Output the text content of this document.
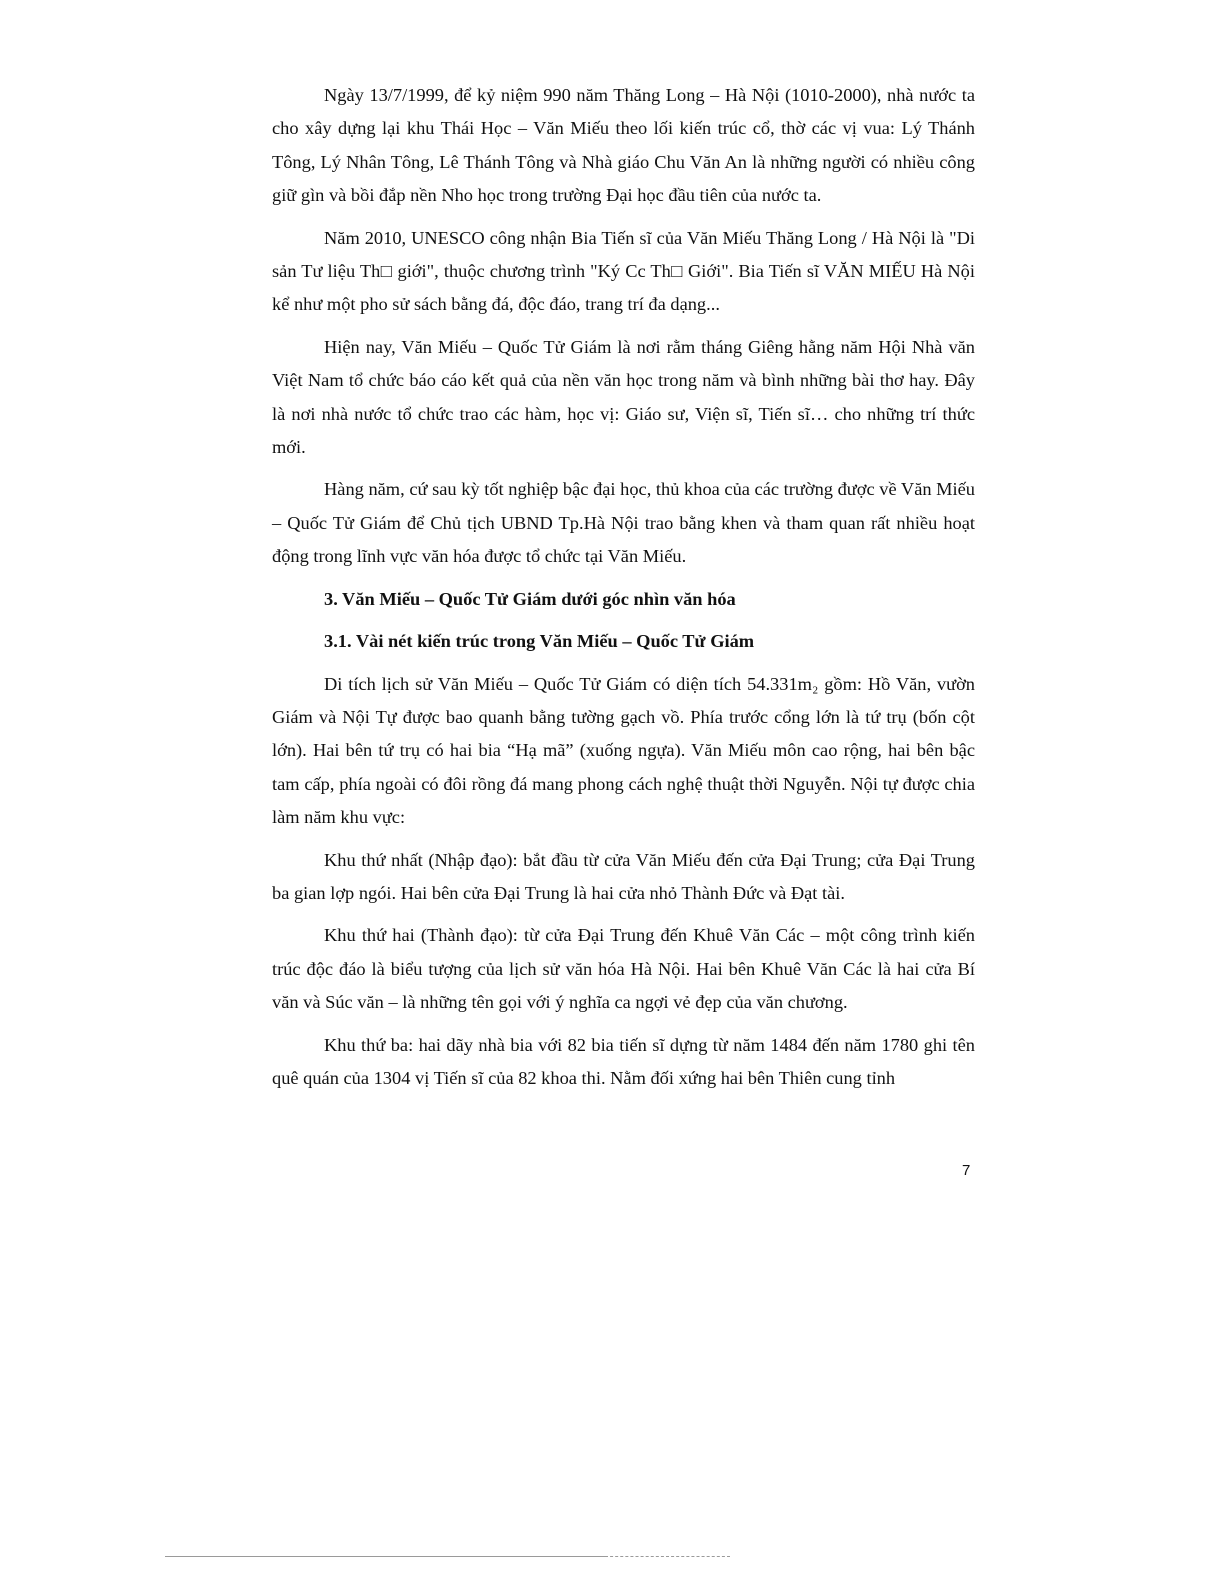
Ngày 13/7/1999, để kỷ niệm 990 năm Thăng Long – Hà Nội (1010-2000), nhà nước ta cho xây dựng lại khu Thái Học – Văn Miếu theo lối kiến trúc cổ, thờ các vị vua: Lý Thánh Tông, Lý Nhân Tông, Lê Thánh Tông và Nhà giáo Chu Văn An là những người có nhiều công giữ gìn và bồi đắp nền Nho học trong trường Đại học đầu tiên của nước ta.

Năm 2010, UNESCO công nhận Bia Tiến sĩ của Văn Miếu Thăng Long / Hà Nội là "Di sản Tư liệu Th□ giới", thuộc chương trình "Ký Cc Th□ Giới". Bia Tiến sĩ VĂN MIẾU Hà Nội kể như một pho sử sách bằng đá, độc đáo, trang trí đa dạng...

Hiện nay, Văn Miếu – Quốc Tử Giám là nơi rằm tháng Giêng hằng năm Hội Nhà văn Việt Nam tổ chức báo cáo kết quả của nền văn học trong năm và bình những bài thơ hay. Đây là nơi nhà nước tổ chức trao các hàm, học vị: Giáo sư, Viện sĩ, Tiến sĩ… cho những trí thức mới.

Hàng năm, cứ sau kỳ tốt nghiệp bậc đại học, thủ khoa của các trường được về Văn Miếu – Quốc Tử Giám để Chủ tịch UBND Tp.Hà Nội trao bằng khen và tham quan rất nhiều hoạt động trong lĩnh vực văn hóa được tổ chức tại Văn Miếu.

3. Văn Miếu – Quốc Tử Giám dưới góc nhìn văn hóa

3.1. Vài nét kiến trúc trong Văn Miếu – Quốc Tử Giám

Di tích lịch sử Văn Miếu – Quốc Tử Giám có diện tích 54.331m₂ gồm: Hồ Văn, vườn Giám và Nội Tự được bao quanh bằng tường gạch vồ. Phía trước cổng lớn là tứ trụ (bốn cột lớn). Hai bên tứ trụ có hai bia “Hạ mã” (xuống ngựa). Văn Miếu môn cao rộng, hai bên bậc tam cấp, phía ngoài có đôi rồng đá mang phong cách nghệ thuật thời Nguyễn. Nội tự được chia làm năm khu vực:

Khu thứ nhất (Nhập đạo): bắt đầu từ cửa Văn Miếu đến cửa Đại Trung; cửa Đại Trung ba gian lợp ngói. Hai bên cửa Đại Trung là hai cửa nhỏ Thành Đức và Đạt tài.

Khu thứ hai (Thành đạo): từ cửa Đại Trung đến Khuê Văn Các – một công trình kiến trúc độc đáo là biểu tượng của lịch sử văn hóa Hà Nội. Hai bên Khuê Văn Các là hai cửa Bí văn và Súc văn – là những tên gọi với ý nghĩa ca ngợi vẻ đẹp của văn chương.

Khu thứ ba: hai dãy nhà bia với 82 bia tiến sĩ dựng từ năm 1484 đến năm 1780 ghi tên quê quán của 1304 vị Tiến sĩ của 82 khoa thi. Nằm đối xứng hai bên Thiên cung tỉnh

7
